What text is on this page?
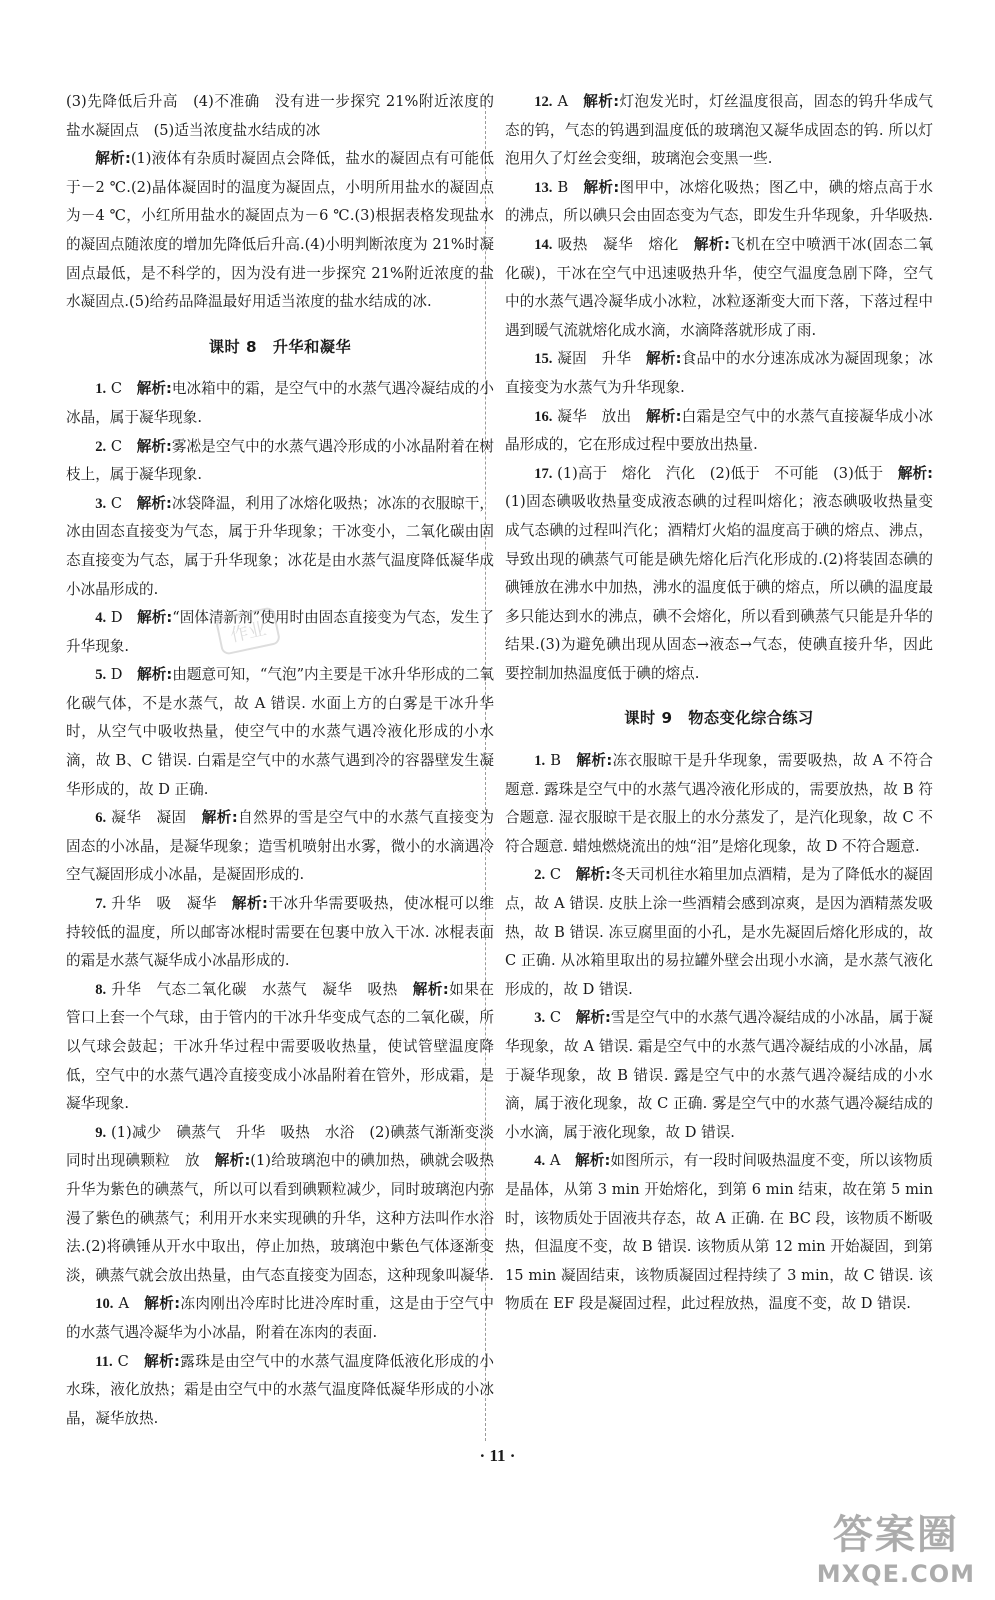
(3)先降低后升高　(4)不准确　没有进一步探究 21%附近浓度的盐水凝固点　(5)适当浓度盐水结成的冰

解析:(1)液体有杂质时凝固点会降低，盐水的凝固点有可能低于－2 ℃.(2)晶体凝固时的温度为凝固点，小明所用盐水的凝固点为－4 ℃，小红所用盐水的凝固点为－6 ℃.(3)根据表格发现盐水的凝固点随浓度的增加先降低后升高.(4)小明判断浓度为 21%时凝固点最低，是不科学的，因为没有进一步探究 21%附近浓度的盐水凝固点.(5)给药品降温最好用适当浓度的盐水结成的冰.

课时 8　升华和凝华

1. C　 解析:电冰箱中的霜，是空气中的水蒸气遇冷凝结成的小冰晶，属于凝华现象.

2. C　 解析:雾凇是空气中的水蒸气遇冷形成的小冰晶附着在树枝上，属于凝华现象.

3. C　 解析:冰袋降温，利用了冰熔化吸热；冰冻的衣服晾干，冰由固态直接变为气态，属于升华现象；干冰变小，二氧化碳由固态直接变为气态，属于升华现象；冰花是由水蒸气温度降低凝华成小冰晶形成的.

4. D　 解析:“固体清新剂”使用时由固态直接变为气态，发生了升华现象.

5. D　 解析:由题意可知，“气泡”内主要是干冰升华形成的二氧化碳气体，不是水蒸气，故 A 错误. 水面上方的白雾是干冰升华时，从空气中吸收热量，使空气中的水蒸气遇冷液化形成的小水滴，故 B、C 错误. 白霜是空气中的水蒸气遇到冷的容器壁发生凝华形成的，故 D 正确.

6. 凝华　凝固　 解析:自然界的雪是空气中的水蒸气直接变为固态的小冰晶，是凝华现象；造雪机喷射出水雾，微小的水滴遇冷空气凝固形成小冰晶，是凝固形成的.

7. 升华　吸　凝华　 解析:干冰升华需要吸热，使冰棍可以维持较低的温度，所以邮寄冰棍时需要在包裹中放入干冰. 冰棍表面的霜是水蒸气凝华成小冰晶形成的.

8. 升华　气态二氧化碳　水蒸气　凝华　吸热　 解析:如果在管口上套一个气球，由于管内的干冰升华变成气态的二氧化碳，所以气球会鼓起；干冰升华过程中需要吸收热量，使试管壁温度降低，空气中的水蒸气遇冷直接变成小冰晶附着在管外，形成霜，是凝华现象.

9. (1)减少　碘蒸气　升华　吸热　水浴　(2)碘蒸气渐渐变淡同时出现碘颗粒　放　 解析:(1)给玻璃泡中的碘加热，碘就会吸热升华为紫色的碘蒸气，所以可以看到碘颗粒减少，同时玻璃泡内弥漫了紫色的碘蒸气；利用开水来实现碘的升华，这种方法叫作水浴法.(2)将碘锤从开水中取出，停止加热，玻璃泡中紫色气体逐渐变淡，碘蒸气就会放出热量，由气态直接变为固态，这种现象叫凝华.

10. A　 解析:冻肉刚出冷库时比进冷库时重，这是由于空气中的水蒸气遇冷凝华为小冰晶，附着在冻肉的表面.

11. C　 解析:露珠是由空气中的水蒸气温度降低液化形成的小水珠，液化放热；霜是由空气中的水蒸气温度降低凝华形成的小冰晶，凝华放热.

12. A　 解析:灯泡发光时，灯丝温度很高，固态的钨升华成气态的钨，气态的钨遇到温度低的玻璃泡又凝华成固态的钨. 所以灯泡用久了灯丝会变细，玻璃泡会变黑一些.

13. B　 解析:图甲中，冰熔化吸热；图乙中，碘的熔点高于水的沸点，所以碘只会由固态变为气态，即发生升华现象，升华吸热.

14. 吸热　凝华　熔化　 解析:飞机在空中喷洒干冰(固态二氧化碳)，干冰在空气中迅速吸热升华，使空气温度急剧下降，空气中的水蒸气遇冷凝华成小冰粒，冰粒逐渐变大而下落，下落过程中遇到暖气流就熔化成水滴，水滴降落就形成了雨.

15. 凝固　升华　 解析:食品中的水分速冻成冰为凝固现象；冰直接变为水蒸气为升华现象.

16. 凝华　放出　 解析:白霜是空气中的水蒸气直接凝华成小冰晶形成的，它在形成过程中要放出热量.

17. (1)高于　熔化　汽化　(2)低于　不可能　(3)低于　 解析:(1)固态碘吸收热量变成液态碘的过程叫熔化；液态碘吸收热量变成气态碘的过程叫汽化；酒精灯火焰的温度高于碘的熔点、沸点，导致出现的碘蒸气可能是碘先熔化后汽化形成的.(2)将装固态碘的碘锤放在沸水中加热，沸水的温度低于碘的熔点，所以碘的温度最多只能达到水的沸点，碘不会熔化，所以看到碘蒸气只能是升华的结果.(3)为避免碘出现从固态→液态→气态，使碘直接升华，因此要控制加热温度低于碘的熔点.

课时 9　物态变化综合练习

1. B　 解析:冻衣服晾干是升华现象，需要吸热，故 A 不符合题意. 露珠是空气中的水蒸气遇冷液化形成的，需要放热，故 B 符合题意. 湿衣服晾干是衣服上的水分蒸发了，是汽化现象，故 C 不符合题意. 蜡烛燃烧流出的烛“泪”是熔化现象，故 D 不符合题意.

2. C　 解析:冬天司机往水箱里加点酒精，是为了降低水的凝固点，故 A 错误. 皮肤上涂一些酒精会感到凉爽，是因为酒精蒸发吸热，故 B 错误. 冻豆腐里面的小孔，是水先凝固后熔化形成的，故 C 正确. 从冰箱里取出的易拉罐外壁会出现小水滴，是水蒸气液化形成的，故 D 错误.

3. C　 解析:雪是空气中的水蒸气遇冷凝结成的小冰晶，属于凝华现象，故 A 错误. 霜是空气中的水蒸气遇冷凝结成的小冰晶，属于凝华现象，故 B 错误. 露是空气中的水蒸气遇冷凝结成的小水滴，属于液化现象，故 C 正确. 雾是空气中的水蒸气遇冷凝结成的小水滴，属于液化现象，故 D 错误.

4. A　 解析:如图所示，有一段时间吸热温度不变，所以该物质是晶体，从第 3 min 开始熔化，到第 6 min 结束，故在第 5 min 时，该物质处于固液共存态，故 A 正确. 在 BC 段，该物质不断吸热，但温度不变，故 B 错误. 该物质从第 12 min 开始凝固，到第 15 min 凝固结束，该物质凝固过程持续了 3 min，故 C 错误. 该物质在 EF 段是凝固过程，此过程放热，温度不变，故 D 错误.

· 11 ·
作业
答案圈
MXQE.COM
